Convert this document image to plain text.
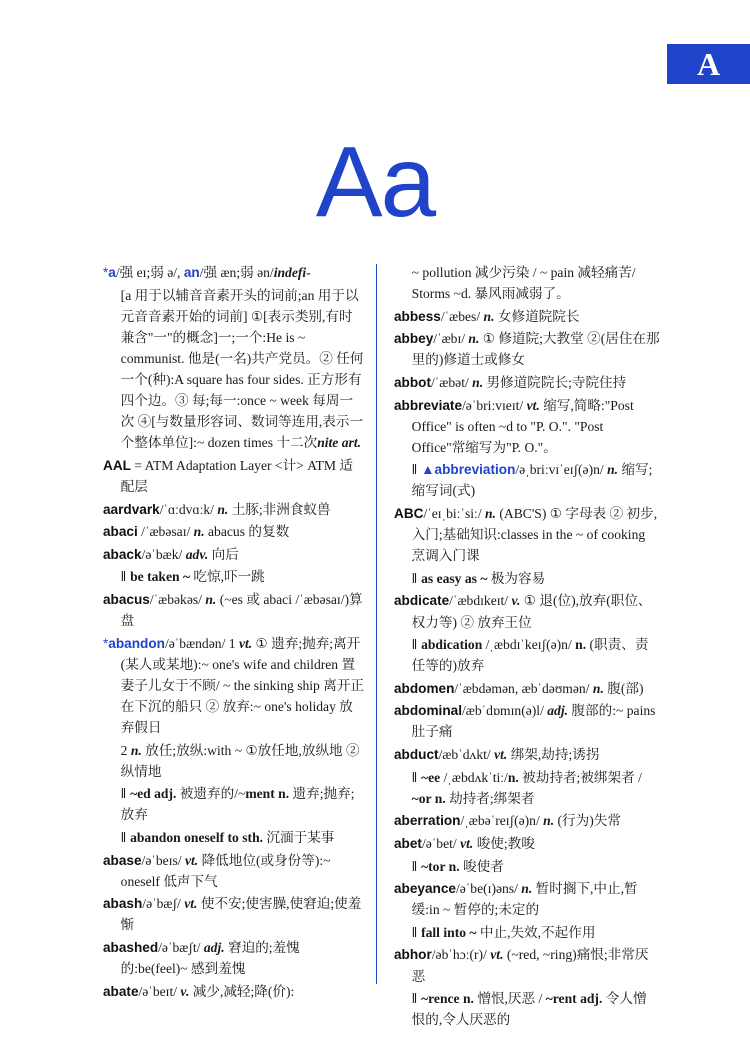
A
Aa
*a/强 eɪ;弱 ə/, an/强 æn;弱 ən/indefi-
[a 用于以辅音音素开头的词前;an 用于以元音音素开始的词前] ①[表示类别,有时兼含"一"的概念]一;一个:He is ~ communist. 他是(一名)共产党员。② 任何一个(种):A square has four sides. 正方形有四个边。③ 每;每一:once ~ week 每周一次 ④[与数量形容词、数词等连用,表示一个整体单位]:~ dozen times 十二次nite art.
AAL = ATM Adaptation Layer <计> ATM 适配层
aardvark/ˈɑːdvɑːk/ n. 土豚;非洲食蚁兽
abaci /ˈæbəsaɪ/ n. abacus 的复数
aback/əˈbæk/ adv. 向后
‖ be taken ~ 吃惊,吓一跳
abacus/ˈæbəkəs/ n. (~es 或 abaci /ˈæbəsaɪ/)算盘
*abandon/əˈbændən/ 1 vt. ① 遗弃;抛弃;离开(某人或某地):~ one's wife and children 置妻子儿女于不顾/ ~ the sinking ship 离开正在下沉的船只 ② 放弃:~ one's holiday 放弃假日
2 n. 放任;放纵:with ~ ①放任地,放纵地 ②纵情地
‖ ~ed adj. 被遗弃的/~ment n. 遗弃;抛弃;放弃
‖ abandon oneself to sth. 沉湎于某事
abase/əˈbeɪs/ vt. 降低地位(或身份等):~ oneself 低声下气
abash/əˈbæʃ/ vt. 使不安;使害臊,使窘迫;使羞惭
abashed/əˈbæʃt/ adj. 窘迫的;羞愧的:be(feel)~ 感到羞愧
abate/əˈbeɪt/ v. 减少,减轻;降(价):
~ pollution 减少污染 / ~ pain 减轻痛苦/ Storms ~d. 暴风雨减弱了。
abbess/ˈæbes/ n. 女修道院院长
abbey/ˈæbɪ/ n. ① 修道院;大教堂 ②(居住在那里的)修道士或修女
abbot/ˈæbət/ n. 男修道院院长;寺院住持
abbreviate/əˈbriːvɪeɪt/ vt. 缩写,简略:"Post Office" is often ~d to "P. O.". "Post Office"常缩写为"P. O."。
‖ ▲abbreviation/əˌbriːvɪˈeɪʃ(ə)n/ n. 缩写;缩写词(式)
ABC/ˈeɪˌbiːˈsiː/ n. (ABC'S) ① 字母表 ② 初步,入门;基础知识:classes in the ~ of cooking 烹调入门课
‖ as easy as ~ 极为容易
abdicate/ˈæbdɪkeɪt/ v. ① 退(位),放弃(职位、权力等) ② 放弃王位
‖ abdication /ˌæbdɪˈkeɪʃ(ə)n/ n. (职责、责任等的)放弃
abdomen/ˈæbdəmən, æbˈdəʊmən/ n. 腹(部)
abdominal/æbˈdɒmɪn(ə)l/ adj. 腹部的:~ pains 肚子痛
abduct/æbˈdʌkt/ vt. 绑架,劫持;诱拐
‖ ~ee /ˌæbdʌkˈtiː/n. 被劫持者;被绑架者 / ~or n. 劫持者;绑架者
aberration/ˌæbəˈreɪʃ(ə)n/ n. (行为)失常
abet/əˈbet/ vt. 唆使;教唆
‖ ~tor n. 唆使者
abeyance/əˈbe(ɪ)əns/ n. 暂时搁下,中止,暂缓:in ~ 暂停的;未定的
‖ fall into ~ 中止,失效,不起作用
abhor/əbˈhɔː(r)/ vt. (~red, ~ring)痛恨;非常厌恶
‖ ~rence n. 憎恨,厌恶 / ~rent adj. 令人憎恨的,令人厌恶的
